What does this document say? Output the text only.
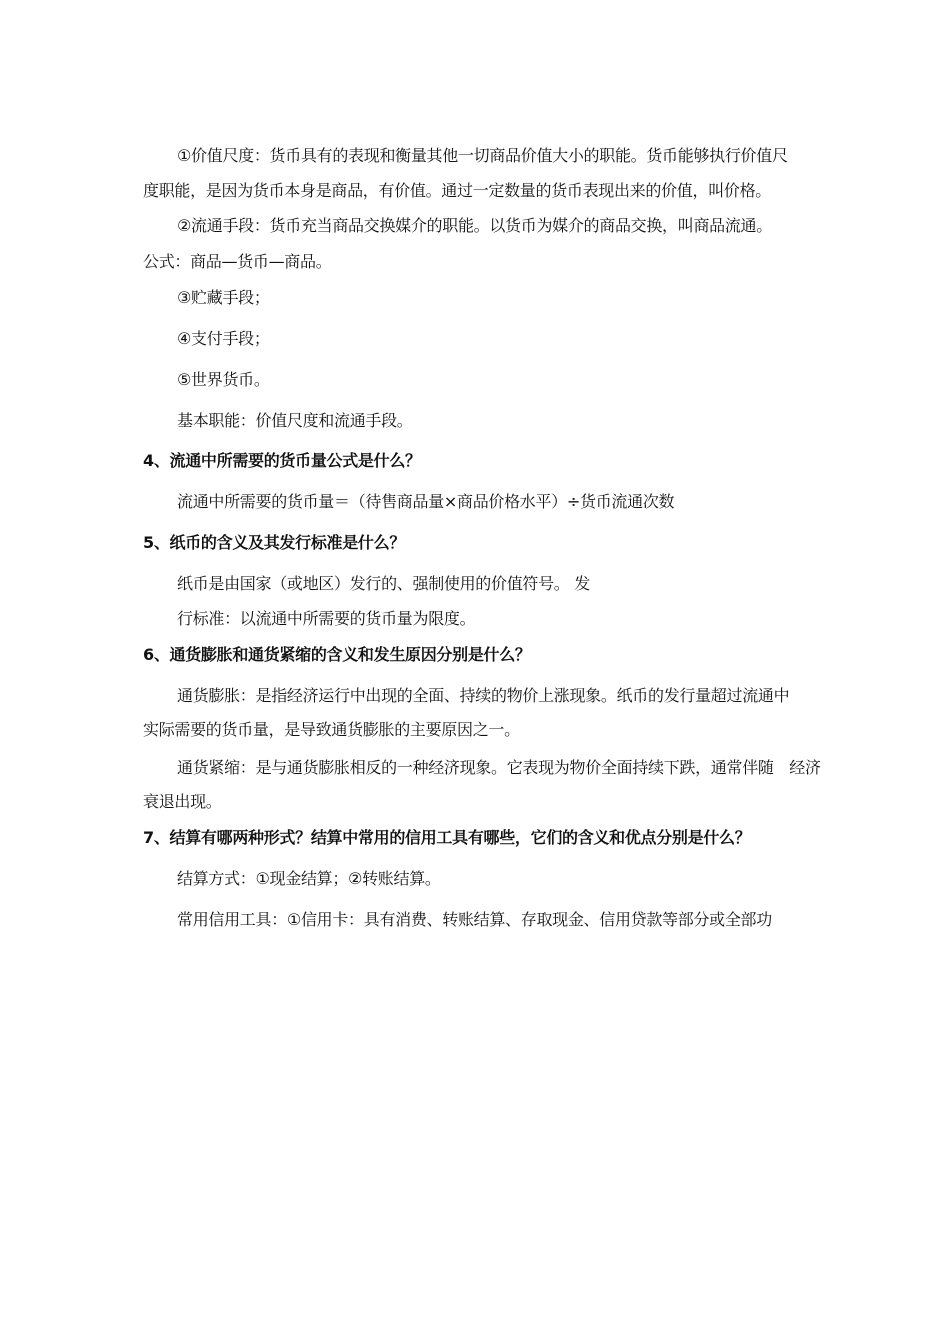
①价值尺度：货币具有的表现和衡量其他一切商品价值大小的职能。货币能够执行价值尺
度职能，是因为货币本身是商品，有价值。通过一定数量的货币表现出来的价值，叫价格。
②流通手段：货币充当商品交换媒介的职能。以货币为媒介的商品交换，叫商品流通。
公式：商品—货币—商品。
③贮藏手段；
④支付手段；
⑤世界货币。
基本职能：价值尺度和流通手段。
4、流通中所需要的货币量公式是什么？
流通中所需要的货币量＝（待售商品量×商品价格水平）÷货币流通次数
5、纸币的含义及其发行标准是什么？
纸币是由国家（或地区）发行的、强制使用的价值符号。 发
行标准：以流通中所需要的货币量为限度。
6、通货膨胀和通货紧缩的含义和发生原因分别是什么？
通货膨胀：是指经济运行中出现的全面、持续的物价上涨现象。纸币的发行量超过流通中
实际需要的货币量，是导致通货膨胀的主要原因之一。
通货紧缩：是与通货膨胀相反的一种经济现象。它表现为物价全面持续下跌，通常伴随　经济
衰退出现。
7、结算有哪两种形式？结算中常用的信用工具有哪些，它们的含义和优点分别是什么？
结算方式：①现金结算；②转账结算。
常用信用工具：①信用卡：具有消费、转账结算、存取现金、信用贷款等部分或全部功
